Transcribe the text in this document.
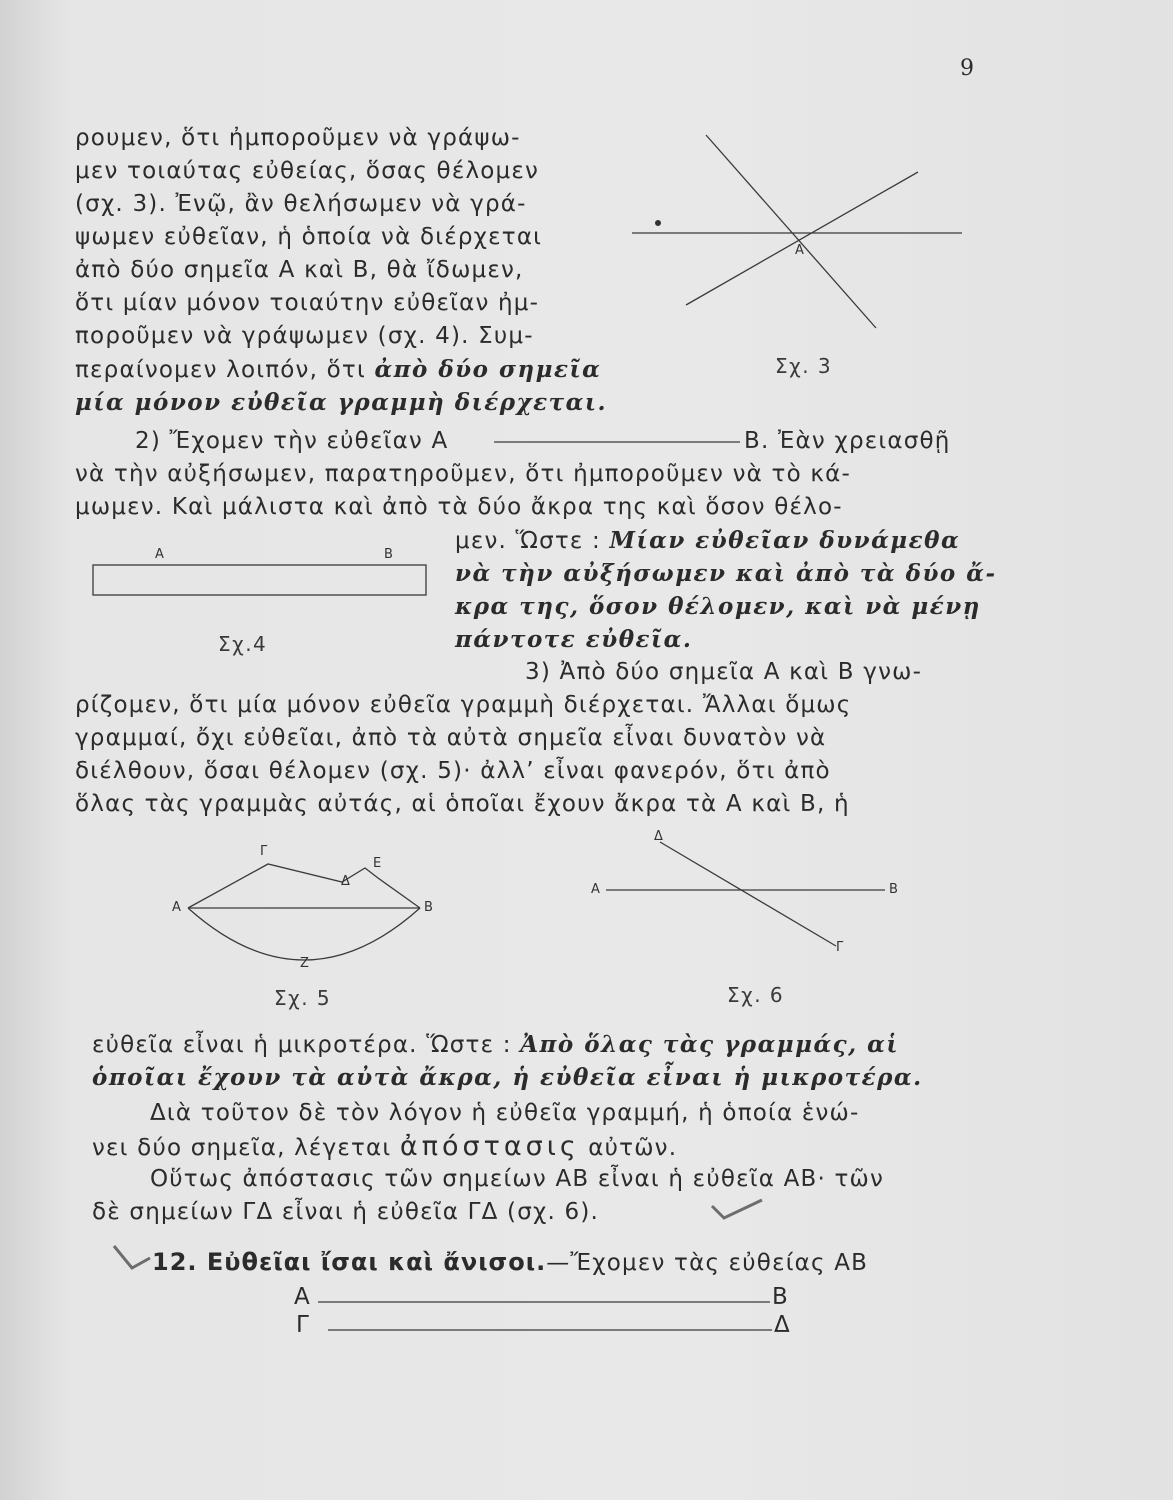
9
ρουμεν, ὅτι ἠμποροῦμεν νὰ γράψω-
μεν τοιαύτας εὐθείας, ὅσας θέλομεν
(σχ. 3). Ἐνῷ, ἂν θελήσωμεν νὰ γρά-
ψωμεν εὐθεῖαν, ἡ ὁποία νὰ διέρχεται
ἀπὸ δύο σημεῖα Α καὶ Β, θὰ ἴδωμεν,
ὅτι μίαν μόνον τοιαύτην εὐθεῖαν ἠμ-
ποροῦμεν νὰ γράψωμεν (σχ. 4). Συμ-
περαίνομεν λοιπόν, ὅτι ἀπὸ δύο σημεῖα
μία μόνον εὐθεῖα γραμμὴ διέρχεται.
Α
Σχ. 3
2) Ἔχομεν τὴν εὐθεῖαν Α	Β. Ἐὰν χρειασθῇ
νὰ τὴν αὐξήσωμεν, παρατηροῦμεν, ὅτι ἠμποροῦμεν νὰ τὸ κά-
μωμεν. Καὶ μάλιστα καὶ ἀπὸ τὰ δύο ἄκρα της καὶ ὅσον θέλο-
μεν. Ὥστε : Μίαν εὐθεῖαν δυνάμεθα
νὰ τὴν αὐξήσωμεν καὶ ἀπὸ τὰ δύο ἄ-
κρα της, ὅσον θέλομεν, καὶ νὰ μένῃ
πάντοτε εὐθεῖα.
Α	Β
Σχ.4
3) Ἀπὸ δύο σημεῖα Α καὶ Β γνω-
ρίζομεν, ὅτι μία μόνον εὐθεῖα γραμμὴ διέρχεται. Ἄλλαι ὅμως
γραμμαί, ὄχι εὐθεῖαι, ἀπὸ τὰ αὐτὰ σημεῖα εἶναι δυνατὸν νὰ
διέλθουν, ὅσαι θέλομεν (σχ. 5)· ἀλλ’ εἶναι φανερόν, ὅτι ἀπὸ
ὅλας τὰς γραμμὰς αὐτάς, αἱ ὁποῖαι ἔχουν ἄκρα τὰ Α καὶ Β, ἡ
Α	Β
Γ
Δ
Ε
Ζ
Σχ. 5
Α	Β
Δ
Γ
Σχ. 6
εὐθεῖα εἶναι ἡ μικροτέρα. Ὥστε : Ἀπὸ ὅλας τὰς γραμμάς, αἱ
ὁποῖαι ἔχουν τὰ αὐτὰ ἄκρα, ἡ εὐθεῖα εἶναι ἡ μικροτέρα.
Διὰ τοῦτον δὲ τὸν λόγον ἡ εὐθεῖα γραμμή, ἡ ὁποία ἑνώ-
νει δύο σημεῖα, λέγεται ἀπόστασις αὐτῶν.
Οὕτως ἀπόστασις τῶν σημείων ΑΒ εἶναι ἡ εὐθεῖα ΑΒ· τῶν
δὲ σημείων ΓΔ εἶναι ἡ εὐθεῖα ΓΔ (σχ. 6).
12. Εὐθεῖαι ἴσαι καὶ ἄνισοι.—Ἔχομεν τὰς εὐθείας ΑΒ
Α	Β
Γ	Δ
